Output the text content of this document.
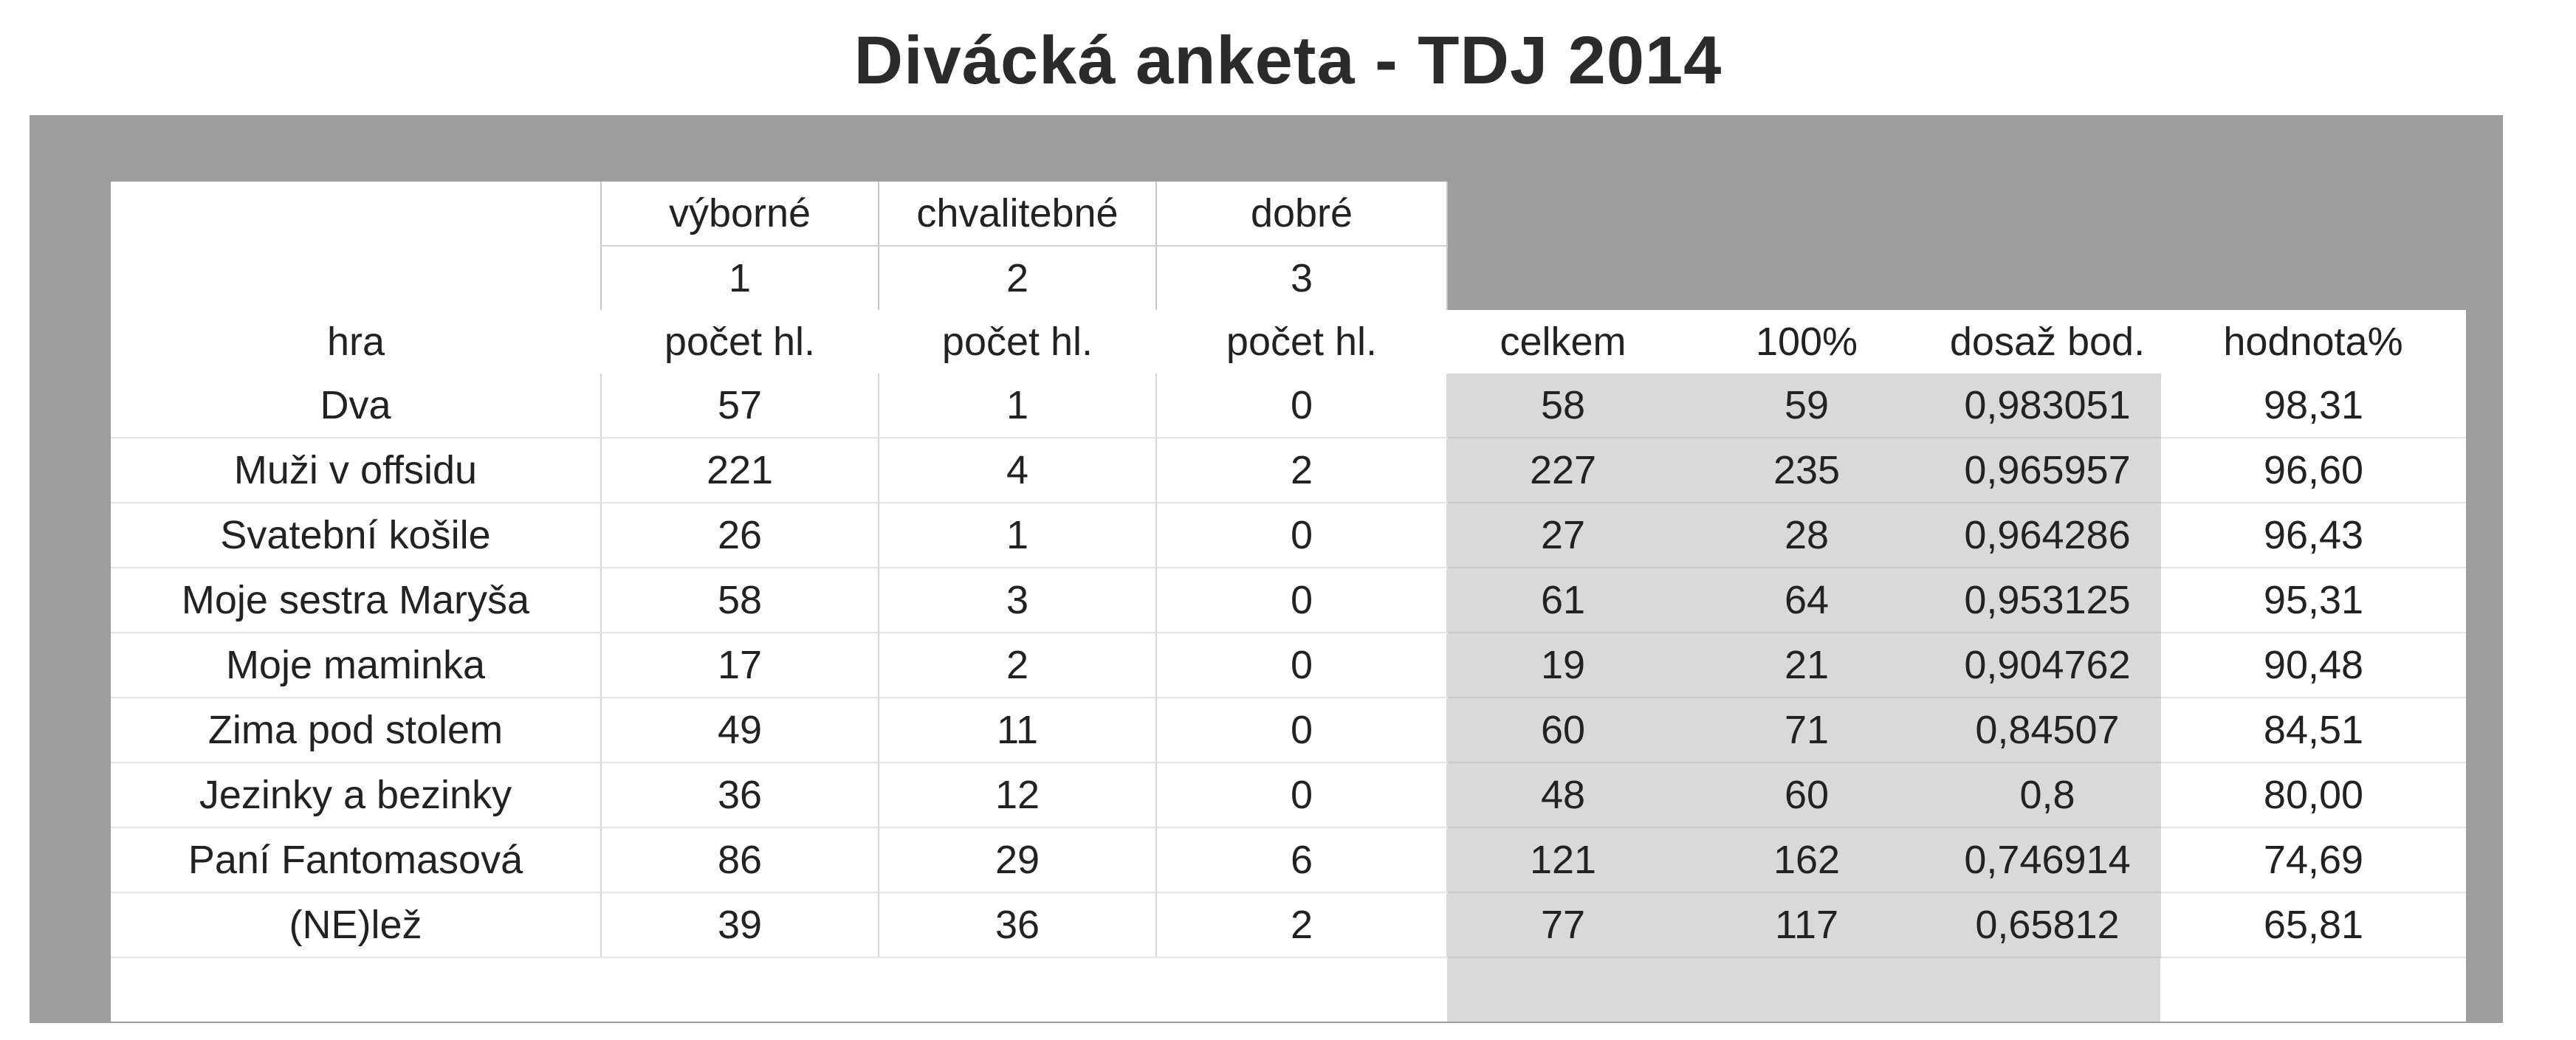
Divácká anketa - TDJ 2014
	výborné	chvalitebné	dobré				
	1	2	3				
hra	počet hl.	počet hl.	počet hl.	celkem	100%	dosaž bod.	hodnota%
Dva	57	1	0	58	59	0,983051	98,31
Muži v offsidu	221	4	2	227	235	0,965957	96,60
Svatební košile	26	1	0	27	28	0,964286	96,43
Moje sestra Maryša	58	3	0	61	64	0,953125	95,31
Moje maminka	17	2	0	19	21	0,904762	90,48
Zima pod stolem	49	11	0	60	71	0,84507	84,51
Jezinky a bezinky	36	12	0	48	60	0,8	80,00
Paní Fantomasová	86	29	6	121	162	0,746914	74,69
(NE)lež	39	36	2	77	117	0,65812	65,81
